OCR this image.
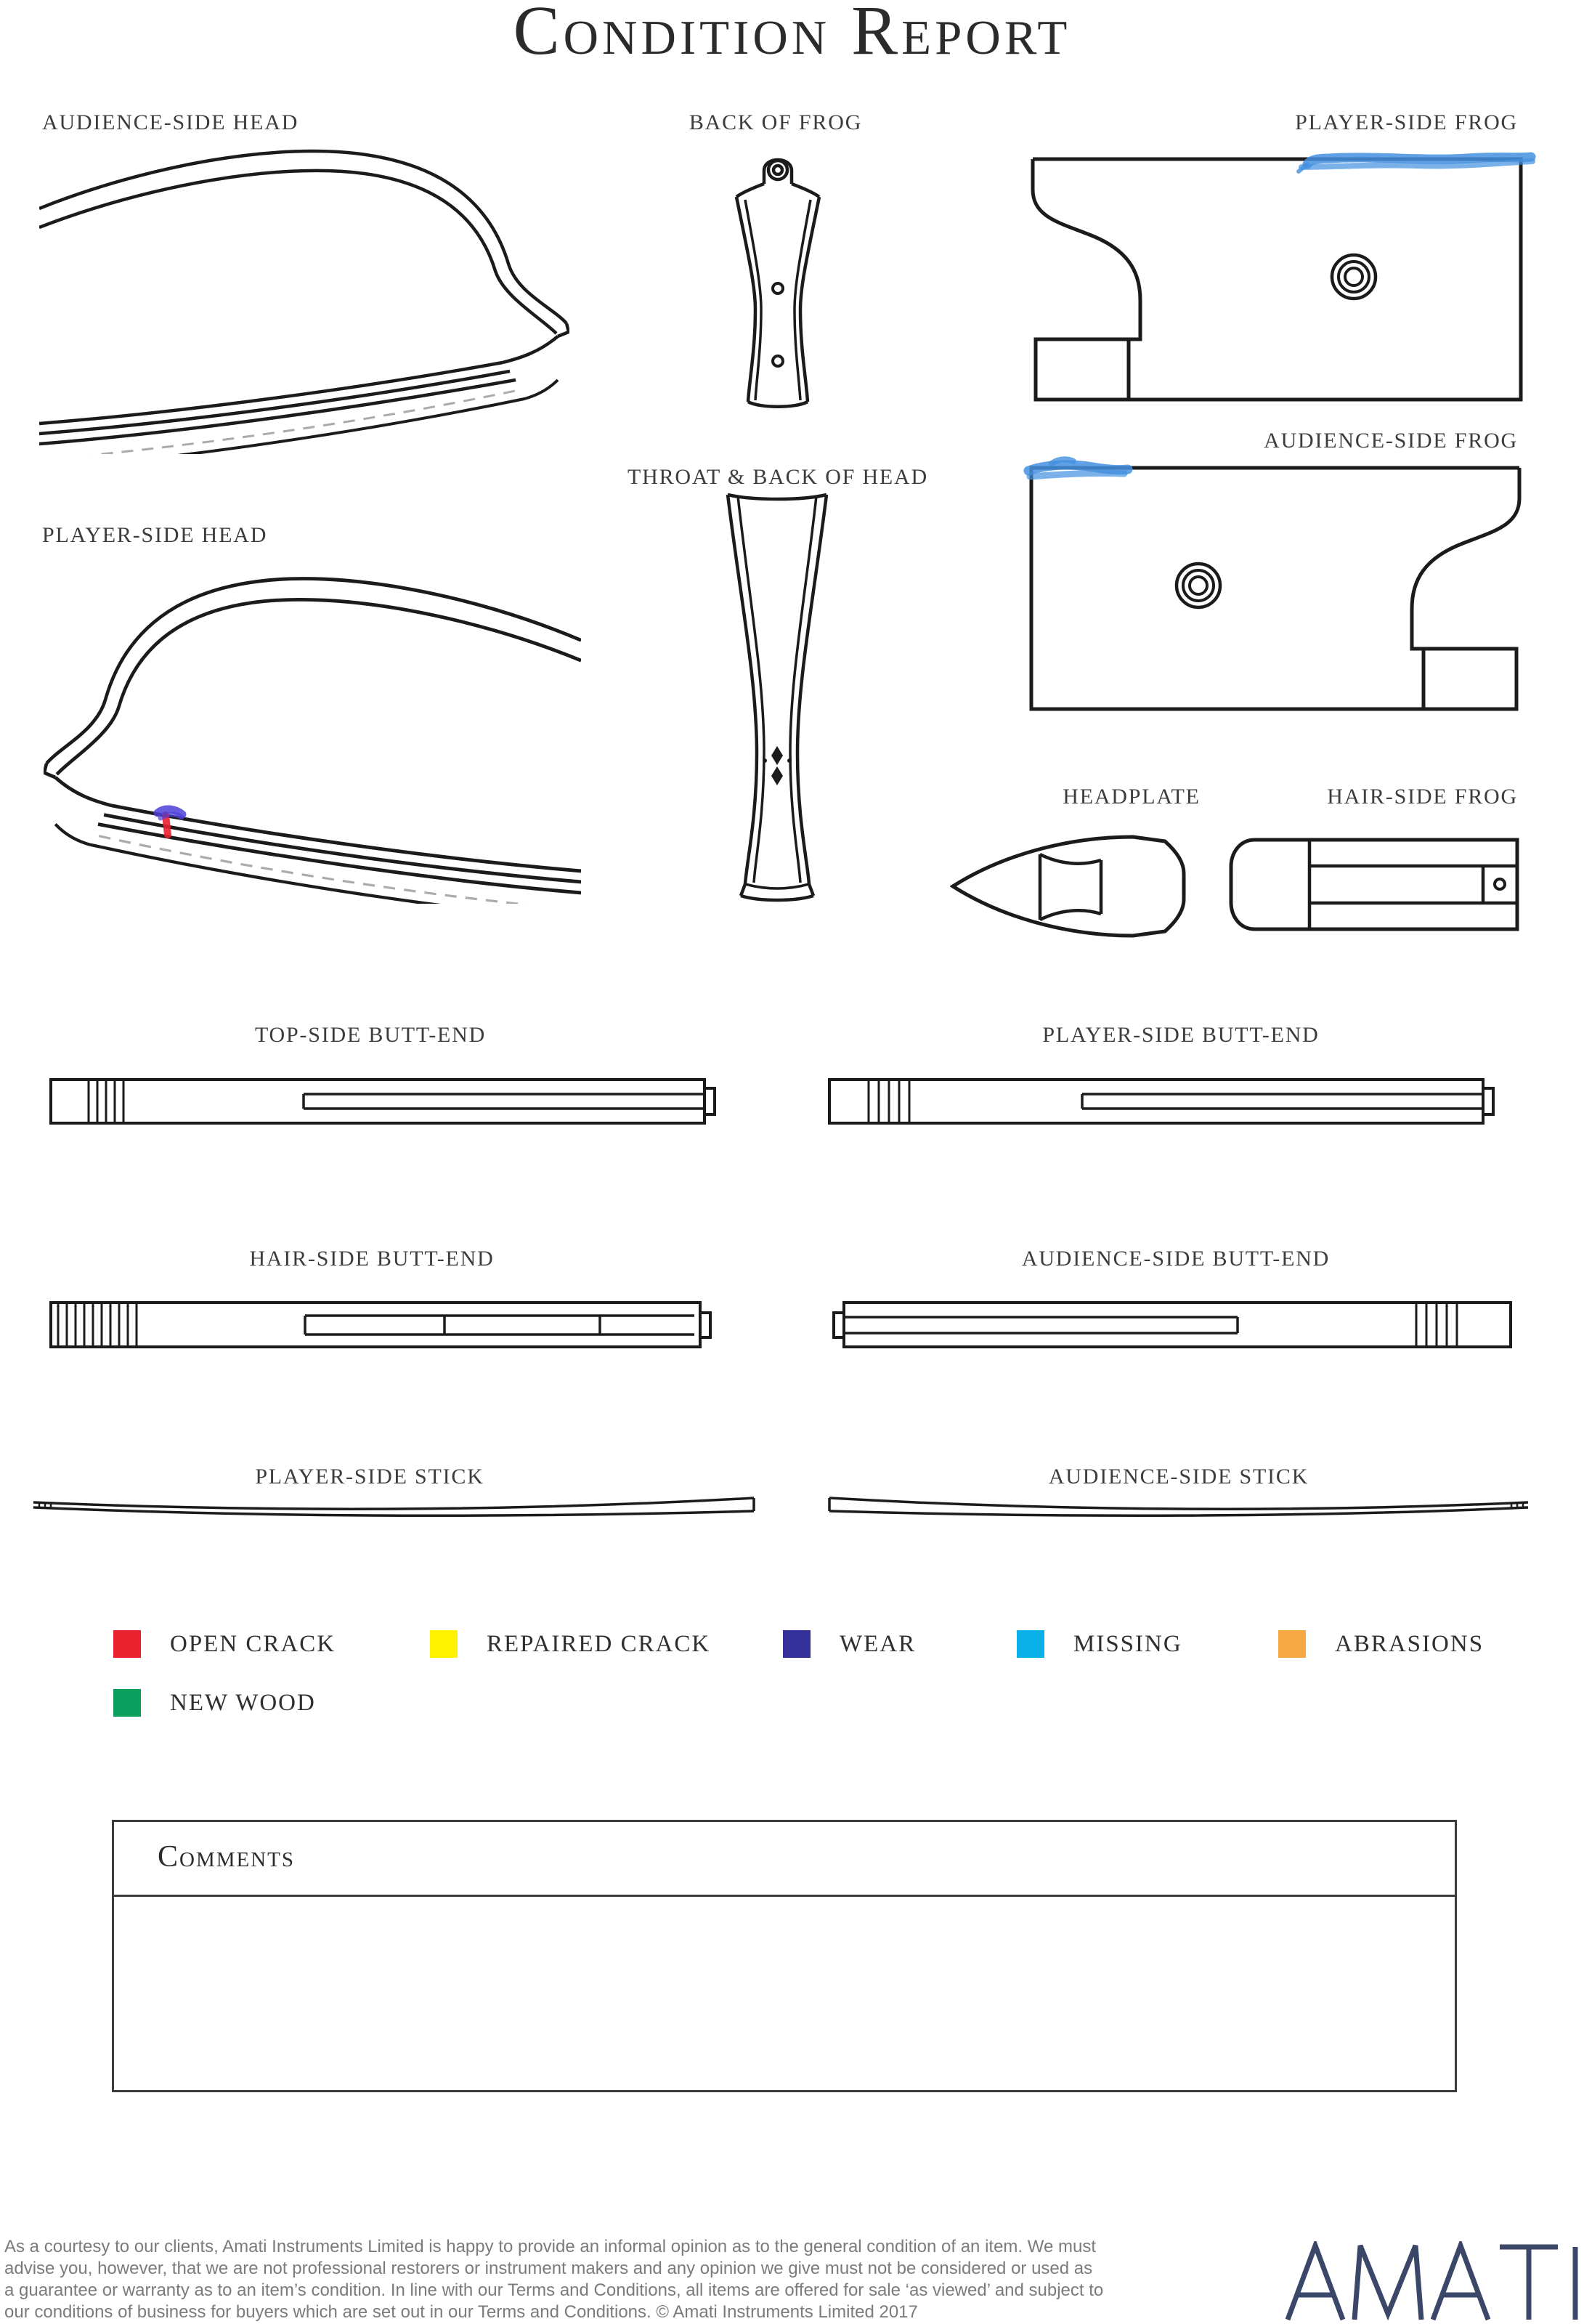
Condition Report
AUDIENCE-SIDE HEAD	BACK OF FROG	PLAYER-SIDE FROG
AUDIENCE-SIDE FROG
THROAT & BACK OF HEAD
PLAYER-SIDE HEAD
HEADPLATE	HAIR-SIDE FROG
TOP-SIDE BUTT-END	PLAYER-SIDE BUTT-END
HAIR-SIDE BUTT-END	AUDIENCE-SIDE BUTT-END
PLAYER-SIDE STICK	AUDIENCE-SIDE STICK
OPEN CRACK	REPAIRED CRACK	WEAR	MISSING	ABRASIONS
NEW WOOD
Comments
As a courtesy to our clients, Amati Instruments Limited is happy to provide an informal opinion as to the general condition of an item. We must
advise you, however, that we are not professional restorers or instrument makers and any opinion we give must not be considered or used as
a guarantee or warranty as to an item’s condition. In line with our Terms and Conditions, all items are offered for sale ‘as viewed’ and subject to
our conditions of business for buyers which are set out in our Terms and Conditions. © Amati Instruments Limited 2017
